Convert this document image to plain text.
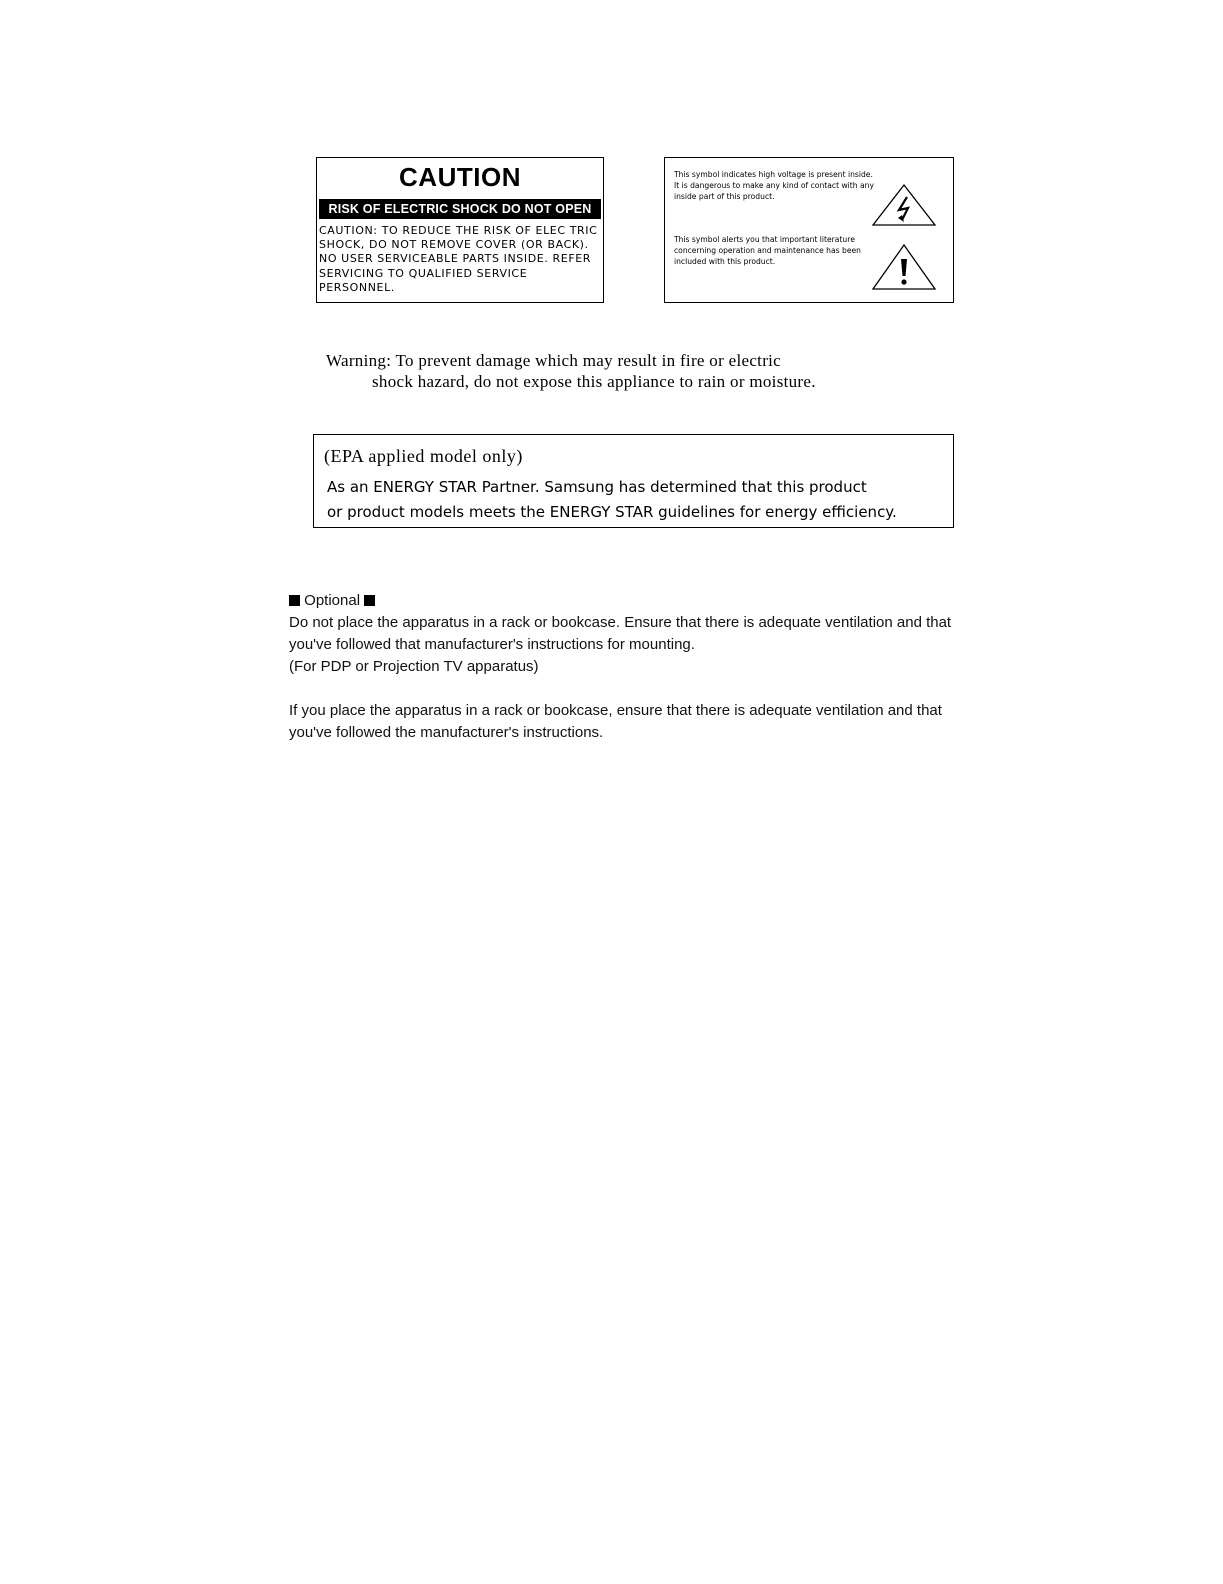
CAUTION
RISK OF ELECTRIC SHOCK DO NOT OPEN
CAUTION: TO REDUCE THE RISK OF ELEC TRIC SHOCK, DO NOT REMOVE COVER (OR BACK). NO USER SERVICEABLE PARTS INSIDE. REFER SERVICING TO QUALIFIED SERVICE PERSONNEL.
This symbol indicates high voltage is present inside. It is dangerous to make any kind of contact with any inside part of this product.
This symbol alerts you that important literature concerning operation and maintenance has been included with this product.
Warning: To prevent damage which may result in fire or electric
shock hazard, do not expose this appliance to rain or moisture.
(EPA applied model only)
As an ENERGY STAR Partner. Samsung has determined that this product
or product models meets the ENERGY STAR guidelines for energy efficiency.

Optional

Do not place the apparatus in a rack or bookcase. Ensure that there is adequate ventilation and that you've followed that manufacturer's instructions for mounting.

(For PDP or Projection TV apparatus)

If you place the apparatus in a rack or bookcase, ensure that there is adequate ventilation and that you've followed the manufacturer's instructions.
